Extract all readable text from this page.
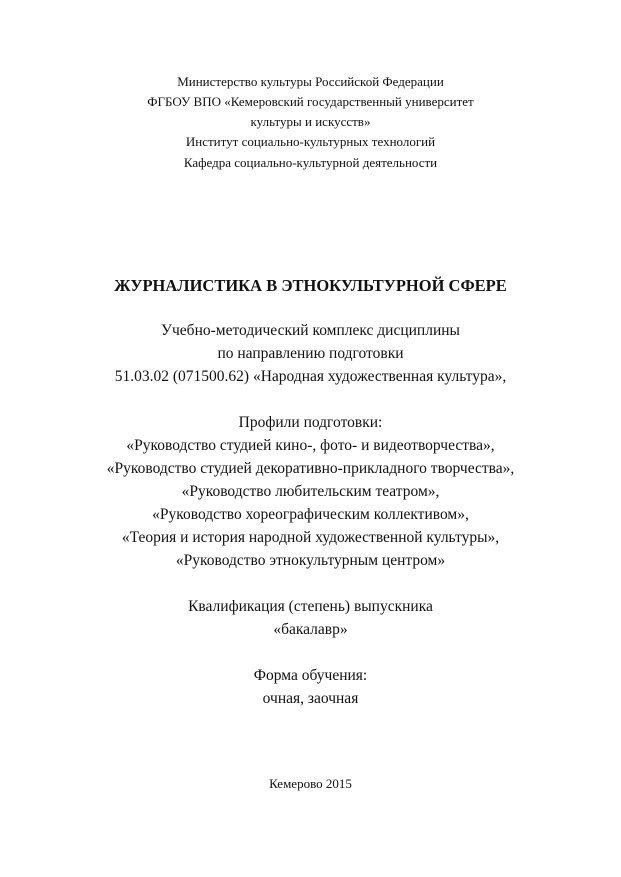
Министерство культуры Российской Федерации
ФГБОУ ВПО «Кемеровский государственный университет
культуры и искусств»
Институт социально-культурных технологий
Кафедра социально-культурной деятельности
ЖУРНАЛИСТИКА В ЭТНОКУЛЬТУРНОЙ СФЕРЕ
Учебно-методический комплекс дисциплины
по направлению подготовки
51.03.02 (071500.62) «Народная художественная культура»,
Профили подготовки:
«Руководство студией кино-, фото- и видеотворчества»,
«Руководство студией декоративно-прикладного творчества»,
«Руководство любительским театром»,
«Руководство хореографическим коллективом»,
«Теория и история народной художественной культуры»,
«Руководство этнокультурным центром»
Квалификация (степень) выпускника
«бакалавр»
Форма обучения:
очная, заочная
Кемерово 2015
